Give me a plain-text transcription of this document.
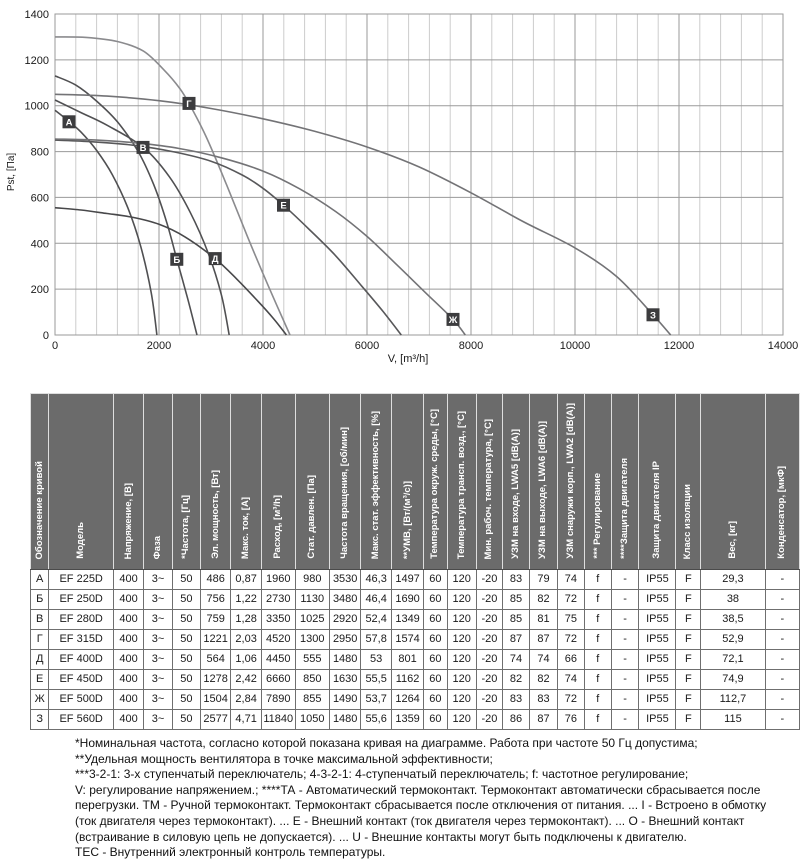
0	2000	4000	6000	8000	10000	12000	14000
0
200
400
600
800
1000
1200
1400
А
Б
В
Г
Д
Е
Ж	З
V, [m³/h]
Pst, [Па]
Обозначение кривой	Модель	Напряжение, [В]	Фаза	*Частота, [Гц]	Эл. мощность, [Вт]	Макс. ток, [А]	Расход, [м³/h]	Стат. давлен. [Па]	Частота вращения, [об/мин]	Макс. стат. эффективность, [%]	**УМВ, [Вт/(м³/с)]	Температура окруж. среды, [°C]	Температура трансп. возд., [°C]	Мин. рабоч. температура, [°C]	УЗМ на входе, LWA5 [dB(A)]	УЗМ на выходе, LWA6 [dB(A)]	УЗМ снаружи корп., LWA2 [dB(A)]	*** Регулирование	****Защита двигателя	Защита двигателя IP	Класс изоляции	Вес, [кг]	Конденсатор, [мкФ]
А	EF 225D	400	3~	50	486	0,87	1960	980	3530	46,3	1497	60	120	-20	83	79	74	f	-	IP55	F	29,3	-
Б	EF 250D	400	3~	50	756	1,22	2730	1130	3480	46,4	1690	60	120	-20	85	82	72	f	-	IP55	F	38	-
В	EF 280D	400	3~	50	759	1,28	3350	1025	2920	52,4	1349	60	120	-20	85	81	75	f	-	IP55	F	38,5	-
Г	EF 315D	400	3~	50	1221	2,03	4520	1300	2950	57,8	1574	60	120	-20	87	87	72	f	-	IP55	F	52,9	-
Д	EF 400D	400	3~	50	564	1,06	4450	555	1480	53	801	60	120	-20	74	74	66	f	-	IP55	F	72,1	-
Е	EF 450D	400	3~	50	1278	2,42	6660	850	1630	55,5	1162	60	120	-20	82	82	74	f	-	IP55	F	74,9	-
Ж	EF 500D	400	3~	50	1504	2,84	7890	855	1490	53,7	1264	60	120	-20	83	83	72	f	-	IP55	F	112,7	-
З	EF 560D	400	3~	50	2577	4,71	11840	1050	1480	55,6	1359	60	120	-20	86	87	76	f	-	IP55	F	115	-
*Номинальная частота, согласно которой показана кривая на диаграмме. Работа при частоте 50 Гц допустима;
**Удельная мощность вентилятора в точке максимальной эффективности;
***3-2-1: 3-х ступенчатый переключатель; 4-3-2-1: 4-ступенчатый переключатель; f: частотное регулирование;
V: регулирование напряжением.; ****ТА - Автоматический термоконтакт. Термоконтакт автоматически сбрасывается после
перегрузки. ТМ - Ручной термоконтакт. Термоконтакт сбрасывается после отключения от питания. ... I - Встроено в обмотку
(ток двигателя через термоконтакт). ... Е - Внешний контакт (ток двигателя через термоконтакт). ... О - Внешний контакт
(встраивание в силовую цепь не допускается). ... U - Внешние контакты могут быть подключены к двигателю.
ТЕС - Внутренний электронный контроль температуры.
